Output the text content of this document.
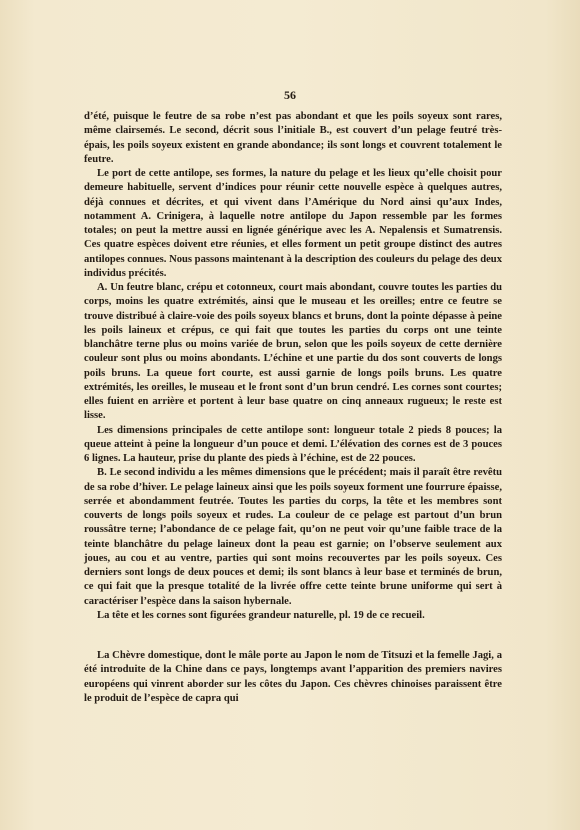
56

d’été, puisque le feutre de sa robe n’est pas abondant et que les poils soyeux sont rares, même clairsemés. Le second, décrit sous l’initiale B., est couvert d’un pelage feutré très-épais, les poils soyeux existent en grande abondance; ils sont longs et couvrent totalement le feutre.

Le port de cette antilope, ses formes, la nature du pelage et les lieux qu’elle choisit pour demeure habituelle, servent d’indices pour réunir cette nouvelle espèce à quelques autres, déjà connues et décrites, et qui vivent dans l’Amérique du Nord ainsi qu’aux Indes, notamment A. Crinigera, à laquelle notre antilope du Japon ressemble par les formes totales; on peut la mettre aussi en lignée générique avec les A. Nepalensis et Sumatrensis. Ces quatre espèces doivent etre réunies, et elles forment un petit groupe distinct des autres antilopes connues. Nous passons maintenant à la description des couleurs du pelage des deux individus précités.

A. Un feutre blanc, crépu et cotonneux, court mais abondant, couvre toutes les parties du corps, moins les quatre extrémités, ainsi que le museau et les oreilles; entre ce feutre se trouve distribué à claire-voie des poils soyeux blancs et bruns, dont la pointe dépasse à peine les poils laineux et crépus, ce qui fait que toutes les parties du corps ont une teinte blanchâtre terne plus ou moins variée de brun, selon que les poils soyeux de cette dernière couleur sont plus ou moins abondants. L’échine et une partie du dos sont couverts de longs poils bruns. La queue fort courte, est aussi garnie de longs poils bruns. Les quatre extrémités, les oreilles, le museau et le front sont d’un brun cendré. Les cornes sont courtes; elles fuient en arrière et portent à leur base quatre on cinq anneaux rugueux; le reste est lisse.

Les dimensions principales de cette antilope sont: longueur totale 2 pieds 8 pouces; la queue atteint à peine la longueur d’un pouce et demi. L’élévation des cornes est de 3 pouces 6 lignes. La hauteur, prise du plante des pieds à l’échine, est de 22 pouces.

B. Le second individu a les mêmes dimensions que le précédent; mais il paraît être revêtu de sa robe d’hiver. Le pelage laineux ainsi que les poils soyeux forment une fourrure épaisse, serrée et abondamment feutrée. Toutes les parties du corps, la tête et les membres sont couverts de longs poils soyeux et rudes. La couleur de ce pelage est partout d’un brun roussâtre terne; l’abondance de ce pelage fait, qu’on ne peut voir qu’une faible trace de la teinte blanchâtre du pelage laineux dont la peau est garnie; on l’observe seulement aux joues, au cou et au ventre, parties qui sont moins recouvertes par les poils soyeux. Ces derniers sont longs de deux pouces et demi; ils sont blancs à leur base et terminés de brun, ce qui fait que la presque totalité de la livrée offre cette teinte brune uniforme qui sert à caractériser l’espèce dans la saison hybernale.

La tête et les cornes sont figurées grandeur naturelle, pl. 19 de ce recueil.

La Chèvre domestique, dont le mâle porte au Japon le nom de Titsuzi et la femelle Jagi, a été introduite de la Chine dans ce pays, longtemps avant l’apparition des premiers navires européens qui vinrent aborder sur les côtes du Japon. Ces chèvres chinoises paraissent être le produit de l’espèce de capra qui
